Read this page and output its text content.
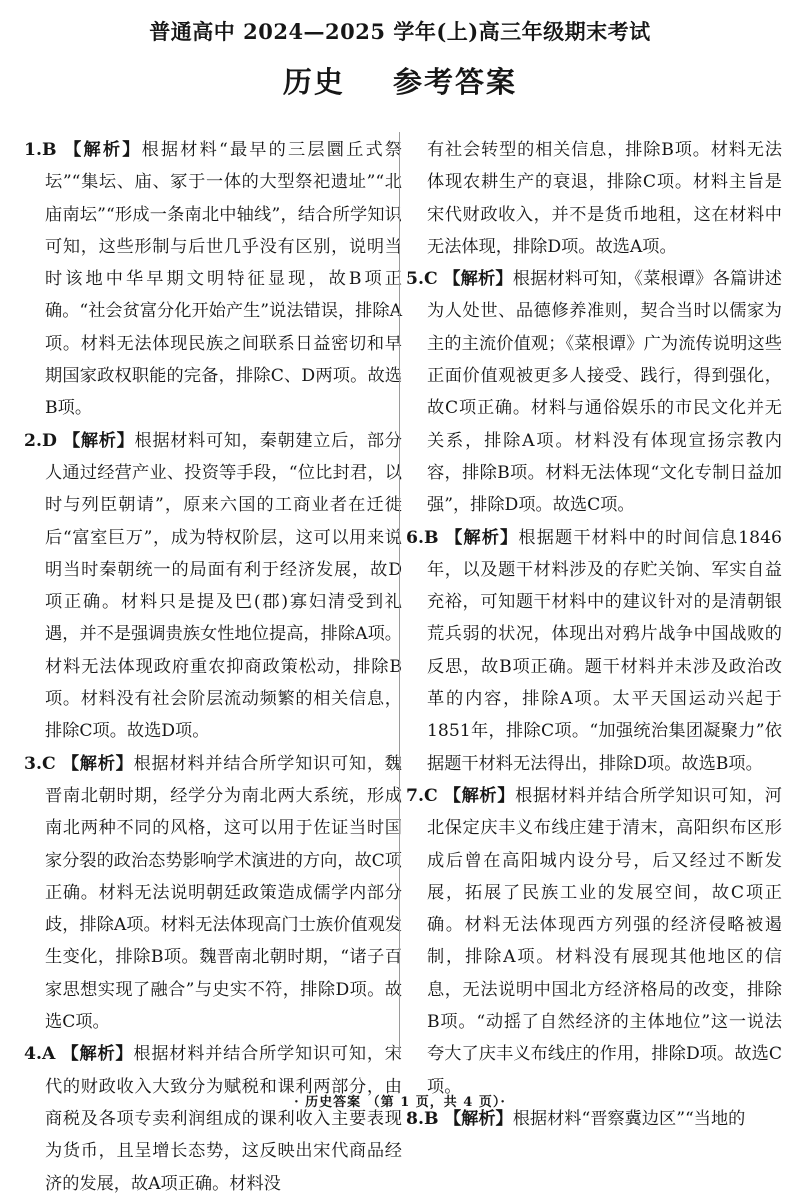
普通高中 2024—2025 学年(上)高三年级期末考试
历史 参考答案

1.B 【解析】根据材料“最早的三层圜丘式祭坛”“集坛、庙、冢于一体的大型祭祀遗址”“北庙南坛”“形成一条南北中轴线”，结合所学知识可知，这些形制与后世几乎没有区别，说明当时该地中华早期文明特征显现，故B项正确。“社会贫富分化开始产生”说法错误，排除A项。材料无法体现民族之间联系日益密切和早期国家政权职能的完备，排除C、D两项。故选B项。

2.D 【解析】根据材料可知，秦朝建立后，部分人通过经营产业、投资等手段，“位比封君，以时与列臣朝请”，原来六国的工商业者在迁徙后“富室巨万”，成为特权阶层，这可以用来说明当时秦朝统一的局面有利于经济发展，故D项正确。材料只是提及巴(郡)寡妇清受到礼遇，并不是强调贵族女性地位提高，排除A项。材料无法体现政府重农抑商政策松动，排除B项。材料没有社会阶层流动频繁的相关信息，排除C项。故选D项。

3.C 【解析】根据材料并结合所学知识可知，魏晋南北朝时期，经学分为南北两大系统，形成南北两种不同的风格，这可以用于佐证当时国家分裂的政治态势影响学术演进的方向，故C项正确。材料无法说明朝廷政策造成儒学内部分歧，排除A项。材料无法体现高门士族价值观发生变化，排除B项。魏晋南北朝时期，“诸子百家思想实现了融合”与史实不符，排除D项。故选C项。

4.A 【解析】根据材料并结合所学知识可知，宋代的财政收入大致分为赋税和课利两部分，由商税及各项专卖利润组成的课利收入主要表现为货币，且呈增长态势，这反映出宋代商品经济的发展，故A项正确。材料没

有社会转型的相关信息，排除B项。材料无法体现农耕生产的衰退，排除C项。材料主旨是宋代财政收入，并不是货币地租，这在材料中无法体现，排除D项。故选A项。

5.C 【解析】根据材料可知，《菜根谭》各篇讲述为人处世、品德修养准则，契合当时以儒家为主的主流价值观；《菜根谭》广为流传说明这些正面价值观被更多人接受、践行，得到强化，故C项正确。材料与通俗娱乐的市民文化并无关系，排除A项。材料没有体现宣扬宗教内容，排除B项。材料无法体现“文化专制日益加强”，排除D项。故选C项。

6.B 【解析】根据题干材料中的时间信息1846年，以及题干材料涉及的存贮关饷、军实自益充裕，可知题干材料中的建议针对的是清朝银荒兵弱的状况，体现出对鸦片战争中国战败的反思，故B项正确。题干材料并未涉及政治改革的内容，排除A项。太平天国运动兴起于1851年，排除C项。“加强统治集团凝聚力”依据题干材料无法得出，排除D项。故选B项。

7.C 【解析】根据材料并结合所学知识可知，河北保定庆丰义布线庄建于清末，高阳织布区形成后曾在高阳城内设分号，后又经过不断发展，拓展了民族工业的发展空间，故C项正确。材料无法体现西方列强的经济侵略被遏制，排除A项。材料没有展现其他地区的信息，无法说明中国北方经济格局的改变，排除B项。“动摇了自然经济的主体地位”这一说法夸大了庆丰义布线庄的作用，排除D项。故选C项。

8.B 【解析】根据材料“晋察冀边区”“当地的

· 历史答案 （第 1 页，共 4 页）·
